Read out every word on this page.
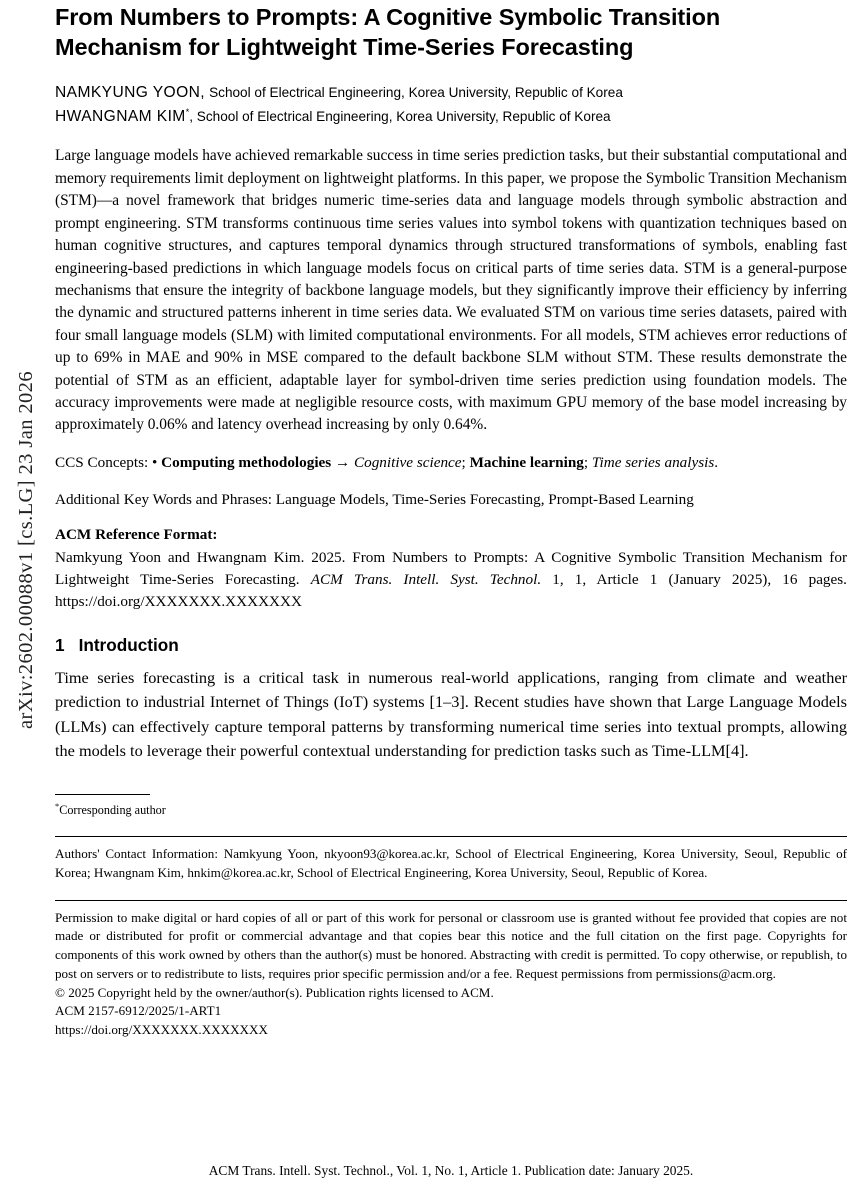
arXiv:2602.00088v1 [cs.LG] 23 Jan 2026
From Numbers to Prompts: A Cognitive Symbolic Transition Mechanism for Lightweight Time-Series Forecasting
NAMKYUNG YOON, School of Electrical Engineering, Korea University, Republic of Korea
HWANGNAM KIM*, School of Electrical Engineering, Korea University, Republic of Korea
Large language models have achieved remarkable success in time series prediction tasks, but their substantial computational and memory requirements limit deployment on lightweight platforms. In this paper, we propose the Symbolic Transition Mechanism (STM)—a novel framework that bridges numeric time-series data and language models through symbolic abstraction and prompt engineering. STM transforms continuous time series values into symbol tokens with quantization techniques based on human cognitive structures, and captures temporal dynamics through structured transformations of symbols, enabling fast engineering-based predictions in which language models focus on critical parts of time series data. STM is a general-purpose mechanisms that ensure the integrity of backbone language models, but they significantly improve their efficiency by inferring the dynamic and structured patterns inherent in time series data. We evaluated STM on various time series datasets, paired with four small language models (SLM) with limited computational environments. For all models, STM achieves error reductions of up to 69% in MAE and 90% in MSE compared to the default backbone SLM without STM. These results demonstrate the potential of STM as an efficient, adaptable layer for symbol-driven time series prediction using foundation models. The accuracy improvements were made at negligible resource costs, with maximum GPU memory of the base model increasing by approximately 0.06% and latency overhead increasing by only 0.64%.
CCS Concepts: • Computing methodologies → Cognitive science; Machine learning; Time series analysis.
Additional Key Words and Phrases: Language Models, Time-Series Forecasting, Prompt-Based Learning
ACM Reference Format:
Namkyung Yoon and Hwangnam Kim. 2025. From Numbers to Prompts: A Cognitive Symbolic Transition Mechanism for Lightweight Time-Series Forecasting. ACM Trans. Intell. Syst. Technol. 1, 1, Article 1 (January 2025), 16 pages. https://doi.org/XXXXXXX.XXXXXXX
1 Introduction
Time series forecasting is a critical task in numerous real-world applications, ranging from climate and weather prediction to industrial Internet of Things (IoT) systems [1–3]. Recent studies have shown that Large Language Models (LLMs) can effectively capture temporal patterns by transforming numerical time series into textual prompts, allowing the models to leverage their powerful contextual understanding for prediction tasks such as Time-LLM[4].
*Corresponding author
Authors' Contact Information: Namkyung Yoon, nkyoon93@korea.ac.kr, School of Electrical Engineering, Korea University, Seoul, Republic of Korea; Hwangnam Kim, hnkim@korea.ac.kr, School of Electrical Engineering, Korea University, Seoul, Republic of Korea.
Permission to make digital or hard copies of all or part of this work for personal or classroom use is granted without fee provided that copies are not made or distributed for profit or commercial advantage and that copies bear this notice and the full citation on the first page. Copyrights for components of this work owned by others than the author(s) must be honored. Abstracting with credit is permitted. To copy otherwise, or republish, to post on servers or to redistribute to lists, requires prior specific permission and/or a fee. Request permissions from permissions@acm.org.
© 2025 Copyright held by the owner/author(s). Publication rights licensed to ACM.
ACM 2157-6912/2025/1-ART1
https://doi.org/XXXXXXX.XXXXXXX
ACM Trans. Intell. Syst. Technol., Vol. 1, No. 1, Article 1. Publication date: January 2025.
